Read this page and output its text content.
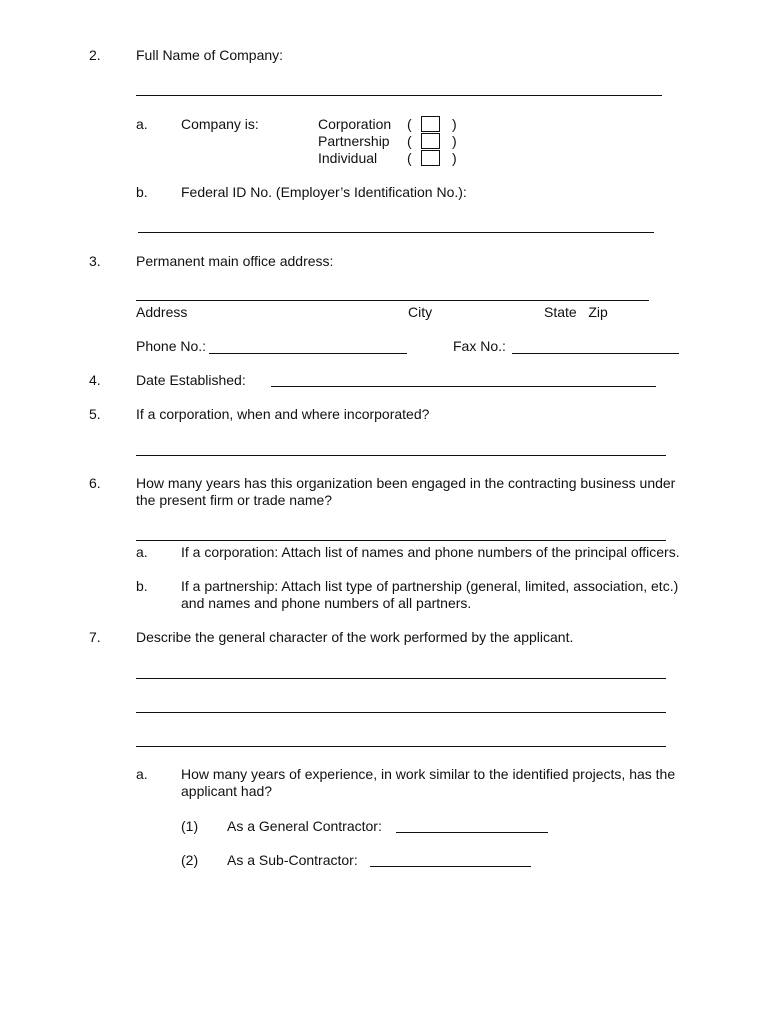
2.	Full Name of Company:
a. Company is:	Corporation (	)
Partnership (	)
Individual (	)
b. Federal ID No. (Employer’s Identification No.):
3.	Permanent main office address:
Address	City	State   Zip
Phone No.:	Fax No.:
4.	Date Established:
5.	If a corporation, when and where incorporated?
6.	How many years has this organization been engaged in the contracting business under
the present firm or trade name?
a. If a corporation: Attach list of names and phone numbers of the principal officers.
b. If a partnership: Attach list type of partnership (general, limited, association, etc.)
and names and phone numbers of all partners.
7.	Describe the general character of the work performed by the applicant.
a. How many years of experience, in work similar to the identified projects, has the
applicant had?
(1) As a General Contractor:
(2) As a Sub-Contractor:
